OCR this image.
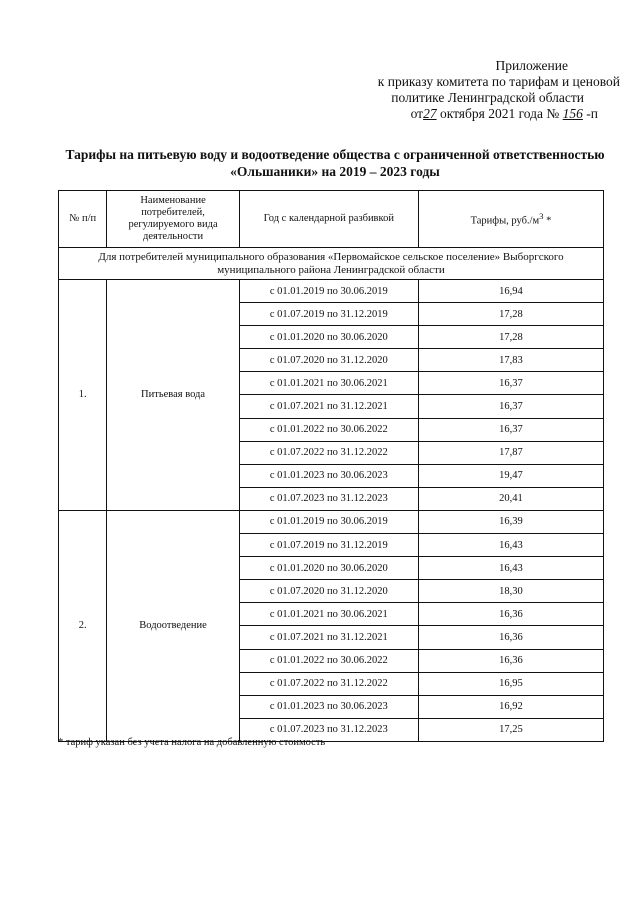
Приложение
к приказу комитета по тарифам и ценовой
политике Ленинградской области
от27 октября 2021 года № 156 -п
Тарифы на питьевую воду и водоотведение общества с ограниченной ответственностью
«Ольшаники» на 2019 – 2023 годы
№ п/п	Наименование потребителей, регулируемого вида деятельности	Год с календарной разбивкой	Тарифы, $руб./м^3$ *
Для потребителей муниципального образования «Первомайское сельское поселение» Выборгского муниципального района Ленинградской области			
1.	Питьевая вода	с 01.01.2019 по 30.06.2019	16,94
		с 01.07.2019 по 31.12.2019	17,28
		с 01.01.2020 по 30.06.2020	17,28
		с 01.07.2020 по 31.12.2020	17,83
		с 01.01.2021 по 30.06.2021	16,37
		с 01.07.2021 по 31.12.2021	16,37
		с 01.01.2022 по 30.06.2022	16,37
		с 01.07.2022 по 31.12.2022	17,87
		с 01.01.2023 по 30.06.2023	19,47
		с 01.07.2023 по 31.12.2023	20,41
2.	Водоотведение	с 01.01.2019 по 30.06.2019	16,39
		с 01.07.2019 по 31.12.2019	16,43
		с 01.01.2020 по 30.06.2020	16,43
		с 01.07.2020 по 31.12.2020	18,30
		с 01.01.2021 по 30.06.2021	16,36
		с 01.07.2021 по 31.12.2021	16,36
		с 01.01.2022 по 30.06.2022	16,36
		с 01.07.2022 по 31.12.2022	16,95
		с 01.01.2023 по 30.06.2023	16,92
		с 01.07.2023 по 31.12.2023	17,25
* тариф указан без учета налога на добавленную стоимость
